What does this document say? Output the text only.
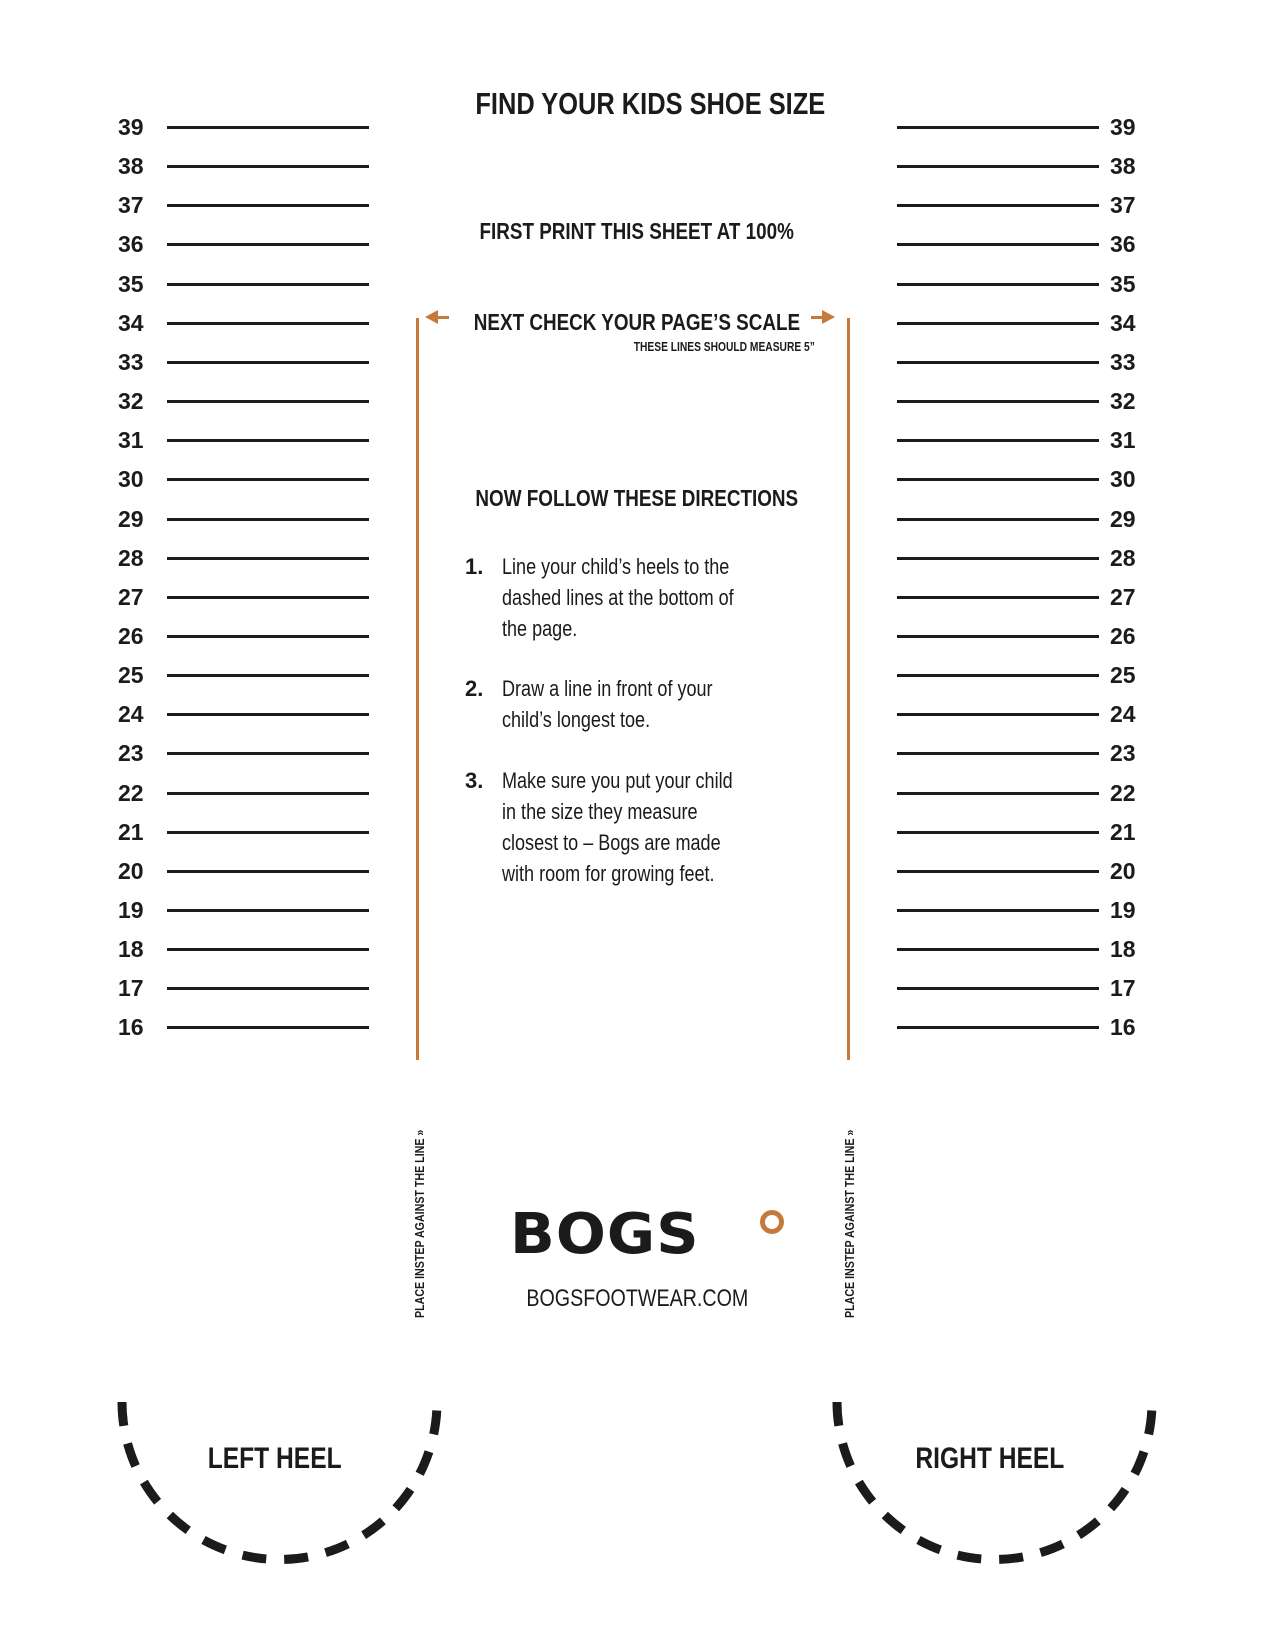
FIND YOUR KIDS SHOE SIZE
FIRST PRINT THIS SHEET AT 100%
NEXT CHECK YOUR PAGE’S SCALE
THESE LINES SHOULD MEASURE 5”
NOW FOLLOW THESE DIRECTIONS
1. Line your child’s heels to the dashed lines at the bottom of the page.
2. Draw a line in front of your child’s longest toe.
3. Make sure you put your child in the size they measure closest to – Bogs are made with room for growing feet.
PLACE INSTEP AGAINST THE LINE »	PLACE INSTEP AGAINST THE LINE »
39
38
37
36
35
34
33
32
31
30
29
28
27
26
25
24
23
22
21
20
19
18
17
16
39
38
37
36
35
34
33
32
31
30
29
28
27
26
25
24
23
22
21
20
19
18
17
16
BOGS
BOGSFOOTWEAR.COM
LEFT HEEL	RIGHT HEEL
